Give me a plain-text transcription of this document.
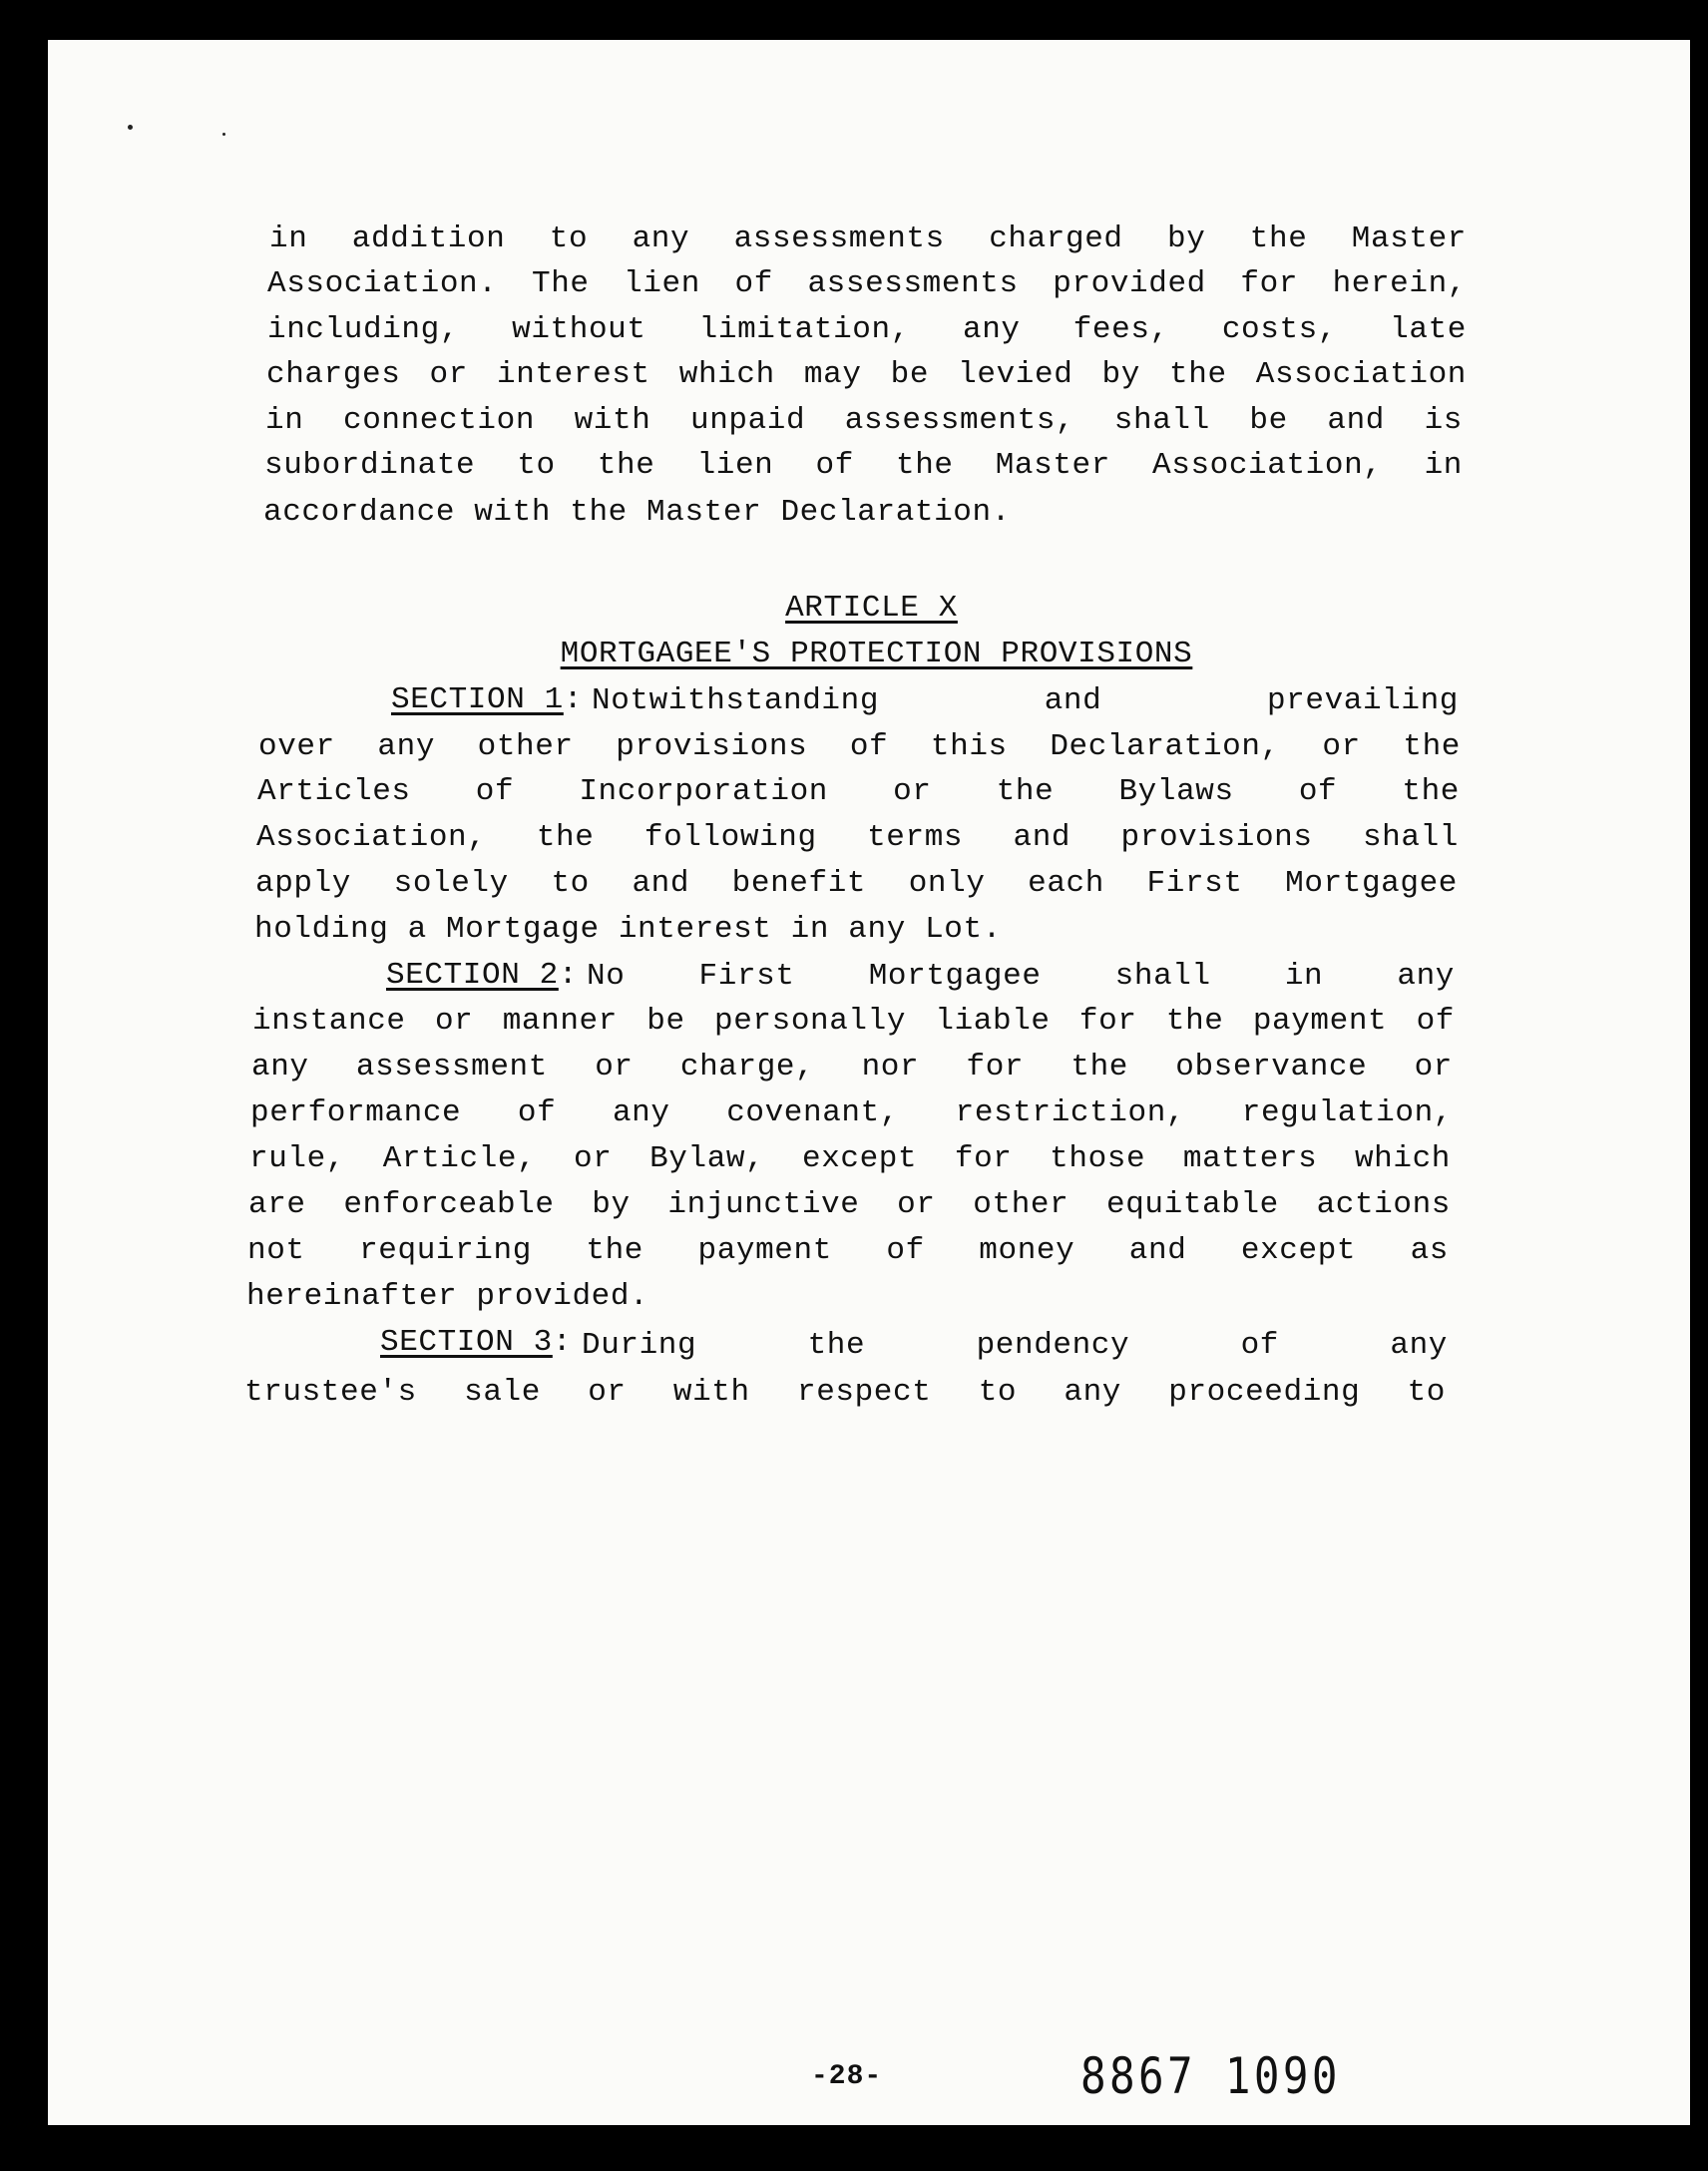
in addition to any assessments charged by the Master
Association. The lien of assessments provided for herein,
including, without limitation, any fees, costs, late
charges or interest which may be levied by the Association
in connection with unpaid assessments, shall be and is
subordinate to the lien of the Master Association, in
accordance with the Master Declaration.
ARTICLE X
MORTGAGEE'S PROTECTION PROVISIONS
SECTION 1: Notwithstanding and prevailing
over any other provisions of this Declaration, or the
Articles of Incorporation or the Bylaws of the
Association, the following terms and provisions shall
apply solely to and benefit only each First Mortgagee
holding a Mortgage interest in any Lot.
SECTION 2: No First Mortgagee shall in any
instance or manner be personally liable for the payment of
any assessment or charge, nor for the observance or
performance of any covenant, restriction, regulation,
rule, Article, or Bylaw, except for those matters which
are enforceable by injunctive or other equitable actions
not requiring the payment of money and except as
hereinafter provided.
SECTION 3: During the pendency of any
trustee's sale or with respect to any proceeding to
-28-	8867 1090
